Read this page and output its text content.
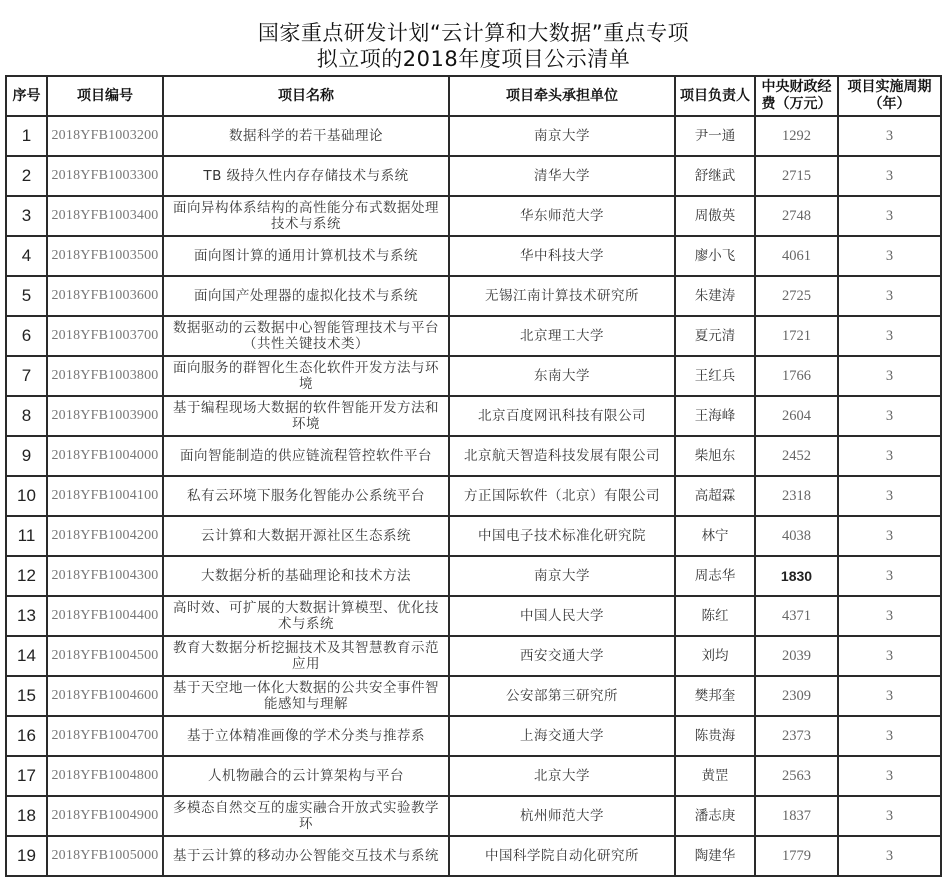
国家重点研发计划“云计算和大数据”重点专项
拟立项的2018年度项目公示清单
序号	项目编号	项目名称	项目牵头承担单位	项目负责人	中央财政经费（万元）	项目实施周期（年）
1	2018YFB1003200	数据科学的若干基础理论	南京大学	尹一通	1292	3
2	2018YFB1003300	TB 级持久性内存存储技术与系统	清华大学	舒继武	2715	3
3	2018YFB1003400	面向异构体系结构的高性能分布式数据处理技术与系统	华东师范大学	周傲英	2748	3
4	2018YFB1003500	面向图计算的通用计算机技术与系统	华中科技大学	廖小飞	4061	3
5	2018YFB1003600	面向国产处理器的虚拟化技术与系统	无锡江南计算技术研究所	朱建涛	2725	3
6	2018YFB1003700	数据驱动的云数据中心智能管理技术与平台（共性关键技术类）	北京理工大学	夏元清	1721	3
7	2018YFB1003800	面向服务的群智化生态化软件开发方法与环境	东南大学	王红兵	1766	3
8	2018YFB1003900	基于编程现场大数据的软件智能开发方法和环境	北京百度网讯科技有限公司	王海峰	2604	3
9	2018YFB1004000	面向智能制造的供应链流程管控软件平台	北京航天智造科技发展有限公司	柴旭东	2452	3
10	2018YFB1004100	私有云环境下服务化智能办公系统平台	方正国际软件（北京）有限公司	高超霖	2318	3
11	2018YFB1004200	云计算和大数据开源社区生态系统	中国电子技术标准化研究院	林宁	4038	3
12	2018YFB1004300	大数据分析的基础理论和技术方法	南京大学	周志华	1830	3
13	2018YFB1004400	高时效、可扩展的大数据计算模型、优化技术与系统	中国人民大学	陈红	4371	3
14	2018YFB1004500	教育大数据分析挖掘技术及其智慧教育示范应用	西安交通大学	刘均	2039	3
15	2018YFB1004600	基于天空地一体化大数据的公共安全事件智能感知与理解	公安部第三研究所	樊邦奎	2309	3
16	2018YFB1004700	基于立体精准画像的学术分类与推荐系	上海交通大学	陈贵海	2373	3
17	2018YFB1004800	人机物融合的云计算架构与平台	北京大学	黄罡	2563	3
18	2018YFB1004900	多模态自然交互的虚实融合开放式实验教学环	杭州师范大学	潘志庚	1837	3
19	2018YFB1005000	基于云计算的移动办公智能交互技术与系统	中国科学院自动化研究所	陶建华	1779	3
